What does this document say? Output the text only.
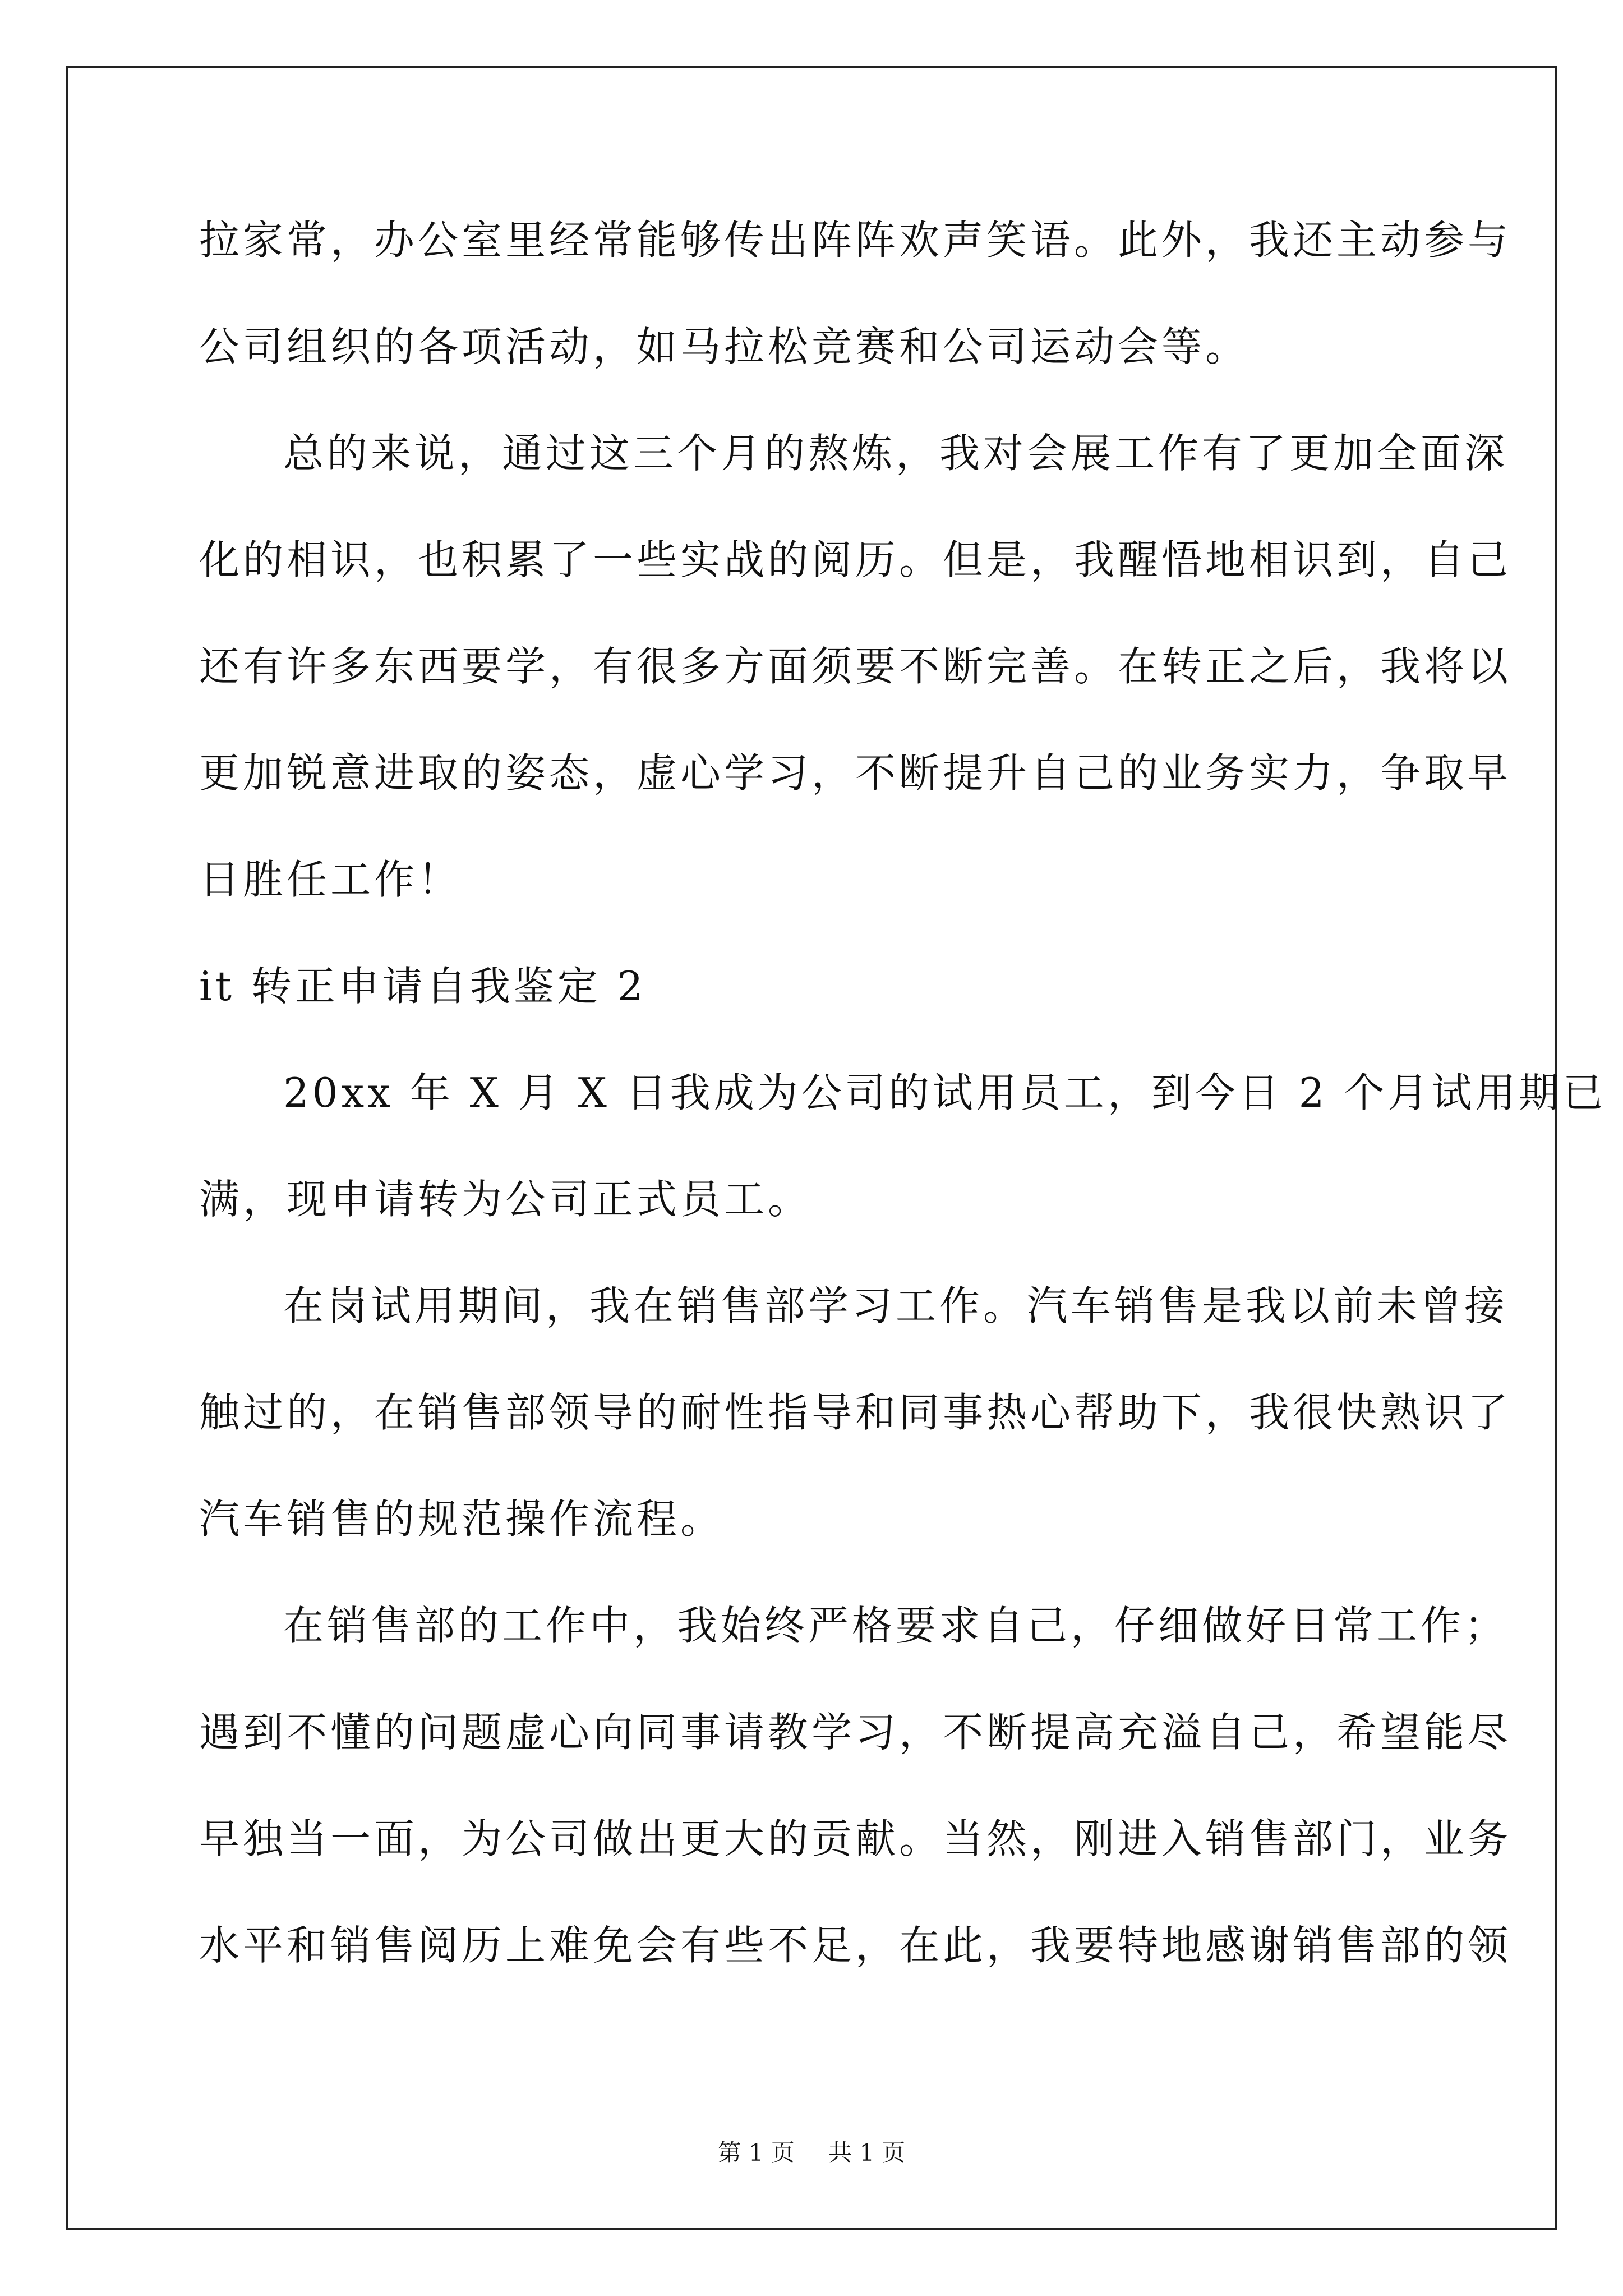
拉家常，办公室里经常能够传出阵阵欢声笑语。此外，我还主动参与
公司组织的各项活动，如马拉松竞赛和公司运动会等。
总的来说，通过这三个月的熬炼，我对会展工作有了更加全面深
化的相识，也积累了一些实战的阅历。但是，我醒悟地相识到，自己
还有许多东西要学，有很多方面须要不断完善。在转正之后，我将以
更加锐意进取的姿态，虚心学习，不断提升自己的业务实力，争取早
日胜任工作！
it 转正申请自我鉴定 2
20xx 年 X 月 X 日我成为公司的试用员工，到今日 2 个月试用期已
满，现申请转为公司正式员工。
在岗试用期间，我在销售部学习工作。汽车销售是我以前未曾接
触过的，在销售部领导的耐性指导和同事热心帮助下，我很快熟识了
汽车销售的规范操作流程。
在销售部的工作中，我始终严格要求自己，仔细做好日常工作；
遇到不懂的问题虚心向同事请教学习，不断提高充溢自己，希望能尽
早独当一面，为公司做出更大的贡献。当然，刚进入销售部门，业务
水平和销售阅历上难免会有些不足，在此，我要特地感谢销售部的领
第 1 页 共 1 页
